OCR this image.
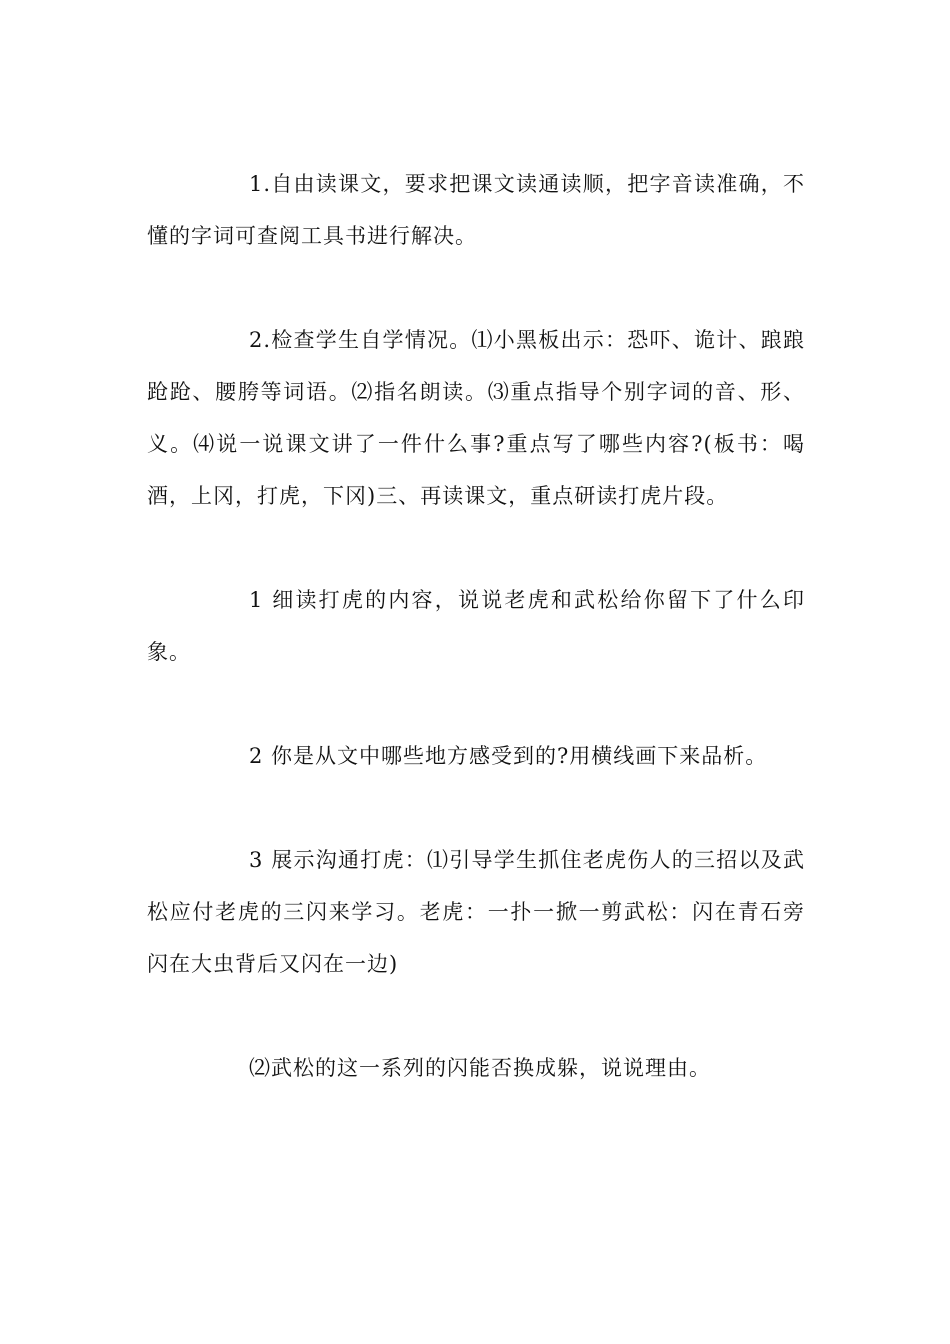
1.自由读课文，要求把课文读通读顺，把字音读准确，不懂的字词可查阅工具书进行解决。

2.检查学生自学情况。⑴小黑板出示：恐吓、诡计、踉踉跄跄、腰胯等词语。⑵指名朗读。⑶重点指导个别字词的音、形、义。⑷说一说课文讲了一件什么事?重点写了哪些内容?(板书：喝酒，上冈，打虎，下冈)三、再读课文，重点研读打虎片段。

1 细读打虎的内容，说说老虎和武松给你留下了什么印象。

2 你是从文中哪些地方感受到的?用横线画下来品析。

3 展示沟通打虎：⑴引导学生抓住老虎伤人的三招以及武松应付老虎的三闪来学习。老虎：一扑一掀一剪武松：闪在青石旁闪在大虫背后又闪在一边)

⑵武松的这一系列的闪能否换成躲，说说理由。
